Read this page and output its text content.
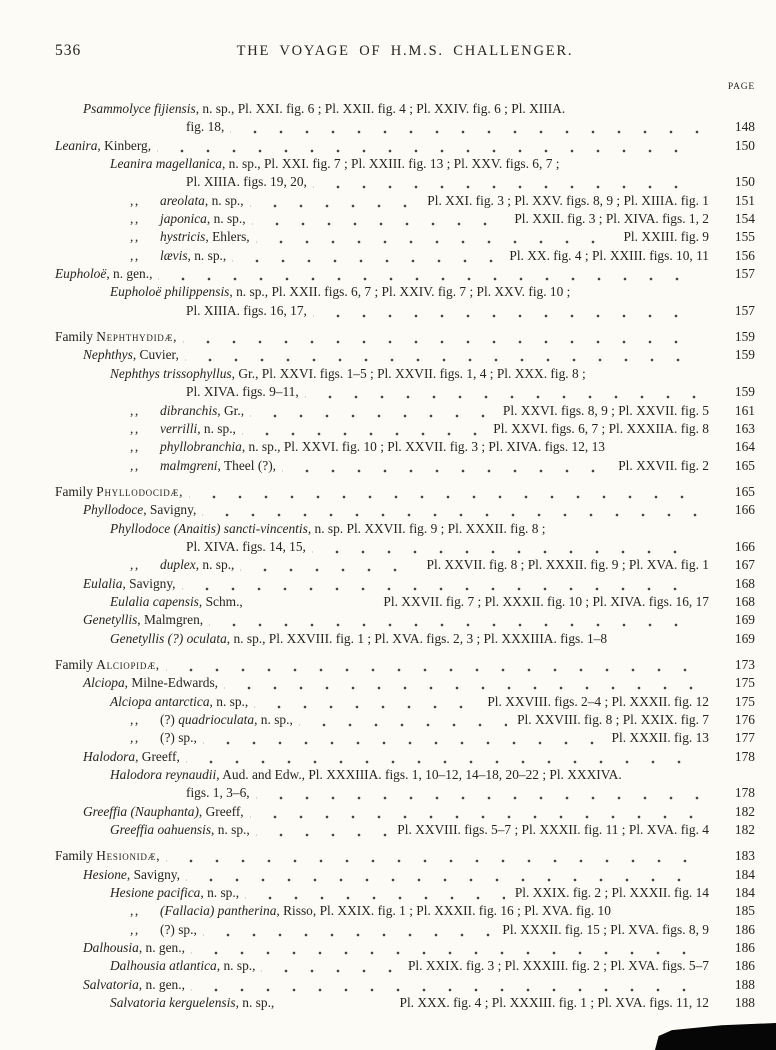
536	THE VOYAGE OF H.M.S. CHALLENGER.
PAGE
Psammolyce fijiensis , n. sp., Pl. XXI. fig. 6 ; Pl. XXII. fig. 4 ; Pl. XXIV. fig. 6 ; Pl. XIIIA.
fig. 18,	148
Leanira , Kinberg,	150
Leanira magellanica , n. sp., Pl. XXI. fig. 7 ; Pl. XXIII. fig. 13 ; Pl. XXV. figs. 6, 7 ;
Pl. XIIIA. figs. 19, 20,	150
,,	areolata , n. sp.,	Pl. XXI. fig. 3 ; Pl. XXV. figs. 8, 9 ; Pl. XIIIA. fig. 1	151
,,	japonica , n. sp.,	Pl. XXII. fig. 3 ; Pl. XIVA. figs. 1, 2	154
,,	hystricis , Ehlers,	Pl. XXIII. fig. 9	155
,,	lævis , n. sp.,	Pl. XX. fig. 4 ; Pl. XXIII. figs. 10, 11	156
Eupholoë , n. gen.,	157
Eupholoë philippensis , n. sp., Pl. XXII. figs. 6, 7 ; Pl. XXIV. fig. 7 ; Pl. XXV. fig. 10 ;
Pl. XIIIA. figs. 16, 17,	157
Family Nephthydidæ,	159
Nephthys , Cuvier,	159
Nephthys trissophyllus , Gr., Pl. XXVI. figs. 1–5 ; Pl. XXVII. figs. 1, 4 ; Pl. XXX. fig. 8 ;
Pl. XIVA. figs. 9–11,	159
,,	dibranchis , Gr.,	Pl. XXVI. figs. 8, 9 ; Pl. XXVII. fig. 5	161
,,	verrilli , n. sp.,	Pl. XXVI. figs. 6, 7 ; Pl. XXXIIA. fig. 8	163
,,	phyllobranchia , n. sp., Pl. XXVI. fig. 10 ; Pl. XXVII. fig. 3 ; Pl. XIVA. figs. 12, 13	164
,,	malmgreni , Theel (?),	Pl. XXVII. fig. 2	165
Family Phyllodocidæ,	165
Phyllodoce , Savigny,	166
Phyllodoce (Anaitis) sancti-vincentis , n. sp. Pl. XXVII. fig. 9 ; Pl. XXXII. fig. 8 ;
Pl. XIVA. figs. 14, 15,	166
,,	duplex , n. sp.,	Pl. XXVII. fig. 8 ; Pl. XXXII. fig. 9 ; Pl. XVA. fig. 1	167
Eulalia , Savigny,	168
Eulalia capensis , Schm.,	Pl. XXVII. fig. 7 ; Pl. XXXII. fig. 10 ; Pl. XIVA. figs. 16, 17	168
Genetyllis , Malmgren,	169
Genetyllis (?) oculata , n. sp., Pl. XXVIII. fig. 1 ; Pl. XVA. figs. 2, 3 ; Pl. XXXIIIA. figs. 1–8	169
Family Alciopidæ,	173
Alciopa , Milne-Edwards,	175
Alciopa antarctica , n. sp.,	Pl. XXVIII. figs. 2–4 ; Pl. XXXII. fig. 12	175
,,	(?) quadrioculata , n. sp.,	Pl. XXVIII. fig. 8 ; Pl. XXIX. fig. 7	176
,,	(?) sp.,	Pl. XXXII. fig. 13	177
Halodora , Greeff,	178
Halodora reynaudii , Aud. and Edw., Pl. XXXIIIA. figs. 1, 10–12, 14–18, 20–22 ; Pl. XXXIVA.
figs. 1, 3–6,	178
Greeffia (Nauphanta) , Greeff,	182
Greeffia oahuensis , n. sp.,	Pl. XXVIII. figs. 5–7 ; Pl. XXXII. fig. 11 ; Pl. XVA. fig. 4	182
Family Hesionidæ,	183
Hesione , Savigny,	184
Hesione pacifica , n. sp.,	Pl. XXIX. fig. 2 ; Pl. XXXII. fig. 14	184
,,	(Fallacia) pantherina , Risso, Pl. XXIX. fig. 1 ; Pl. XXXII. fig. 16 ; Pl. XVA. fig. 10	185
,,	(?) sp.,	Pl. XXXII. fig. 15 ; Pl. XVA. figs. 8, 9	186
Dalhousia , n. gen.,	186
Dalhousia atlantica , n. sp.,	Pl. XXIX. fig. 3 ; Pl. XXXIII. fig. 2 ; Pl. XVA. figs. 5–7	186
Salvatoria , n. gen.,	188
Salvatoria kerguelensis , n. sp.,	Pl. XXX. fig. 4 ; Pl. XXXIII. fig. 1 ; Pl. XVA. figs. 11, 12	188
